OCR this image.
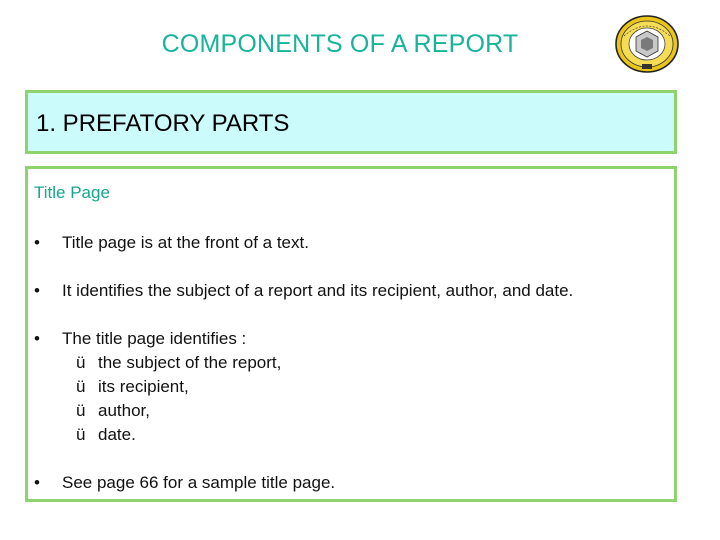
COMPONENTS OF A REPORT
1. PREFATORY PARTS
Title Page
• Title page is at the front of a text.
• It identifies the subject of a report and its recipient, author, and date.
• The title page identifies :
ü the subject of the report,
ü its recipient,
ü author,
ü date.
• See page 66 for a sample title page.
